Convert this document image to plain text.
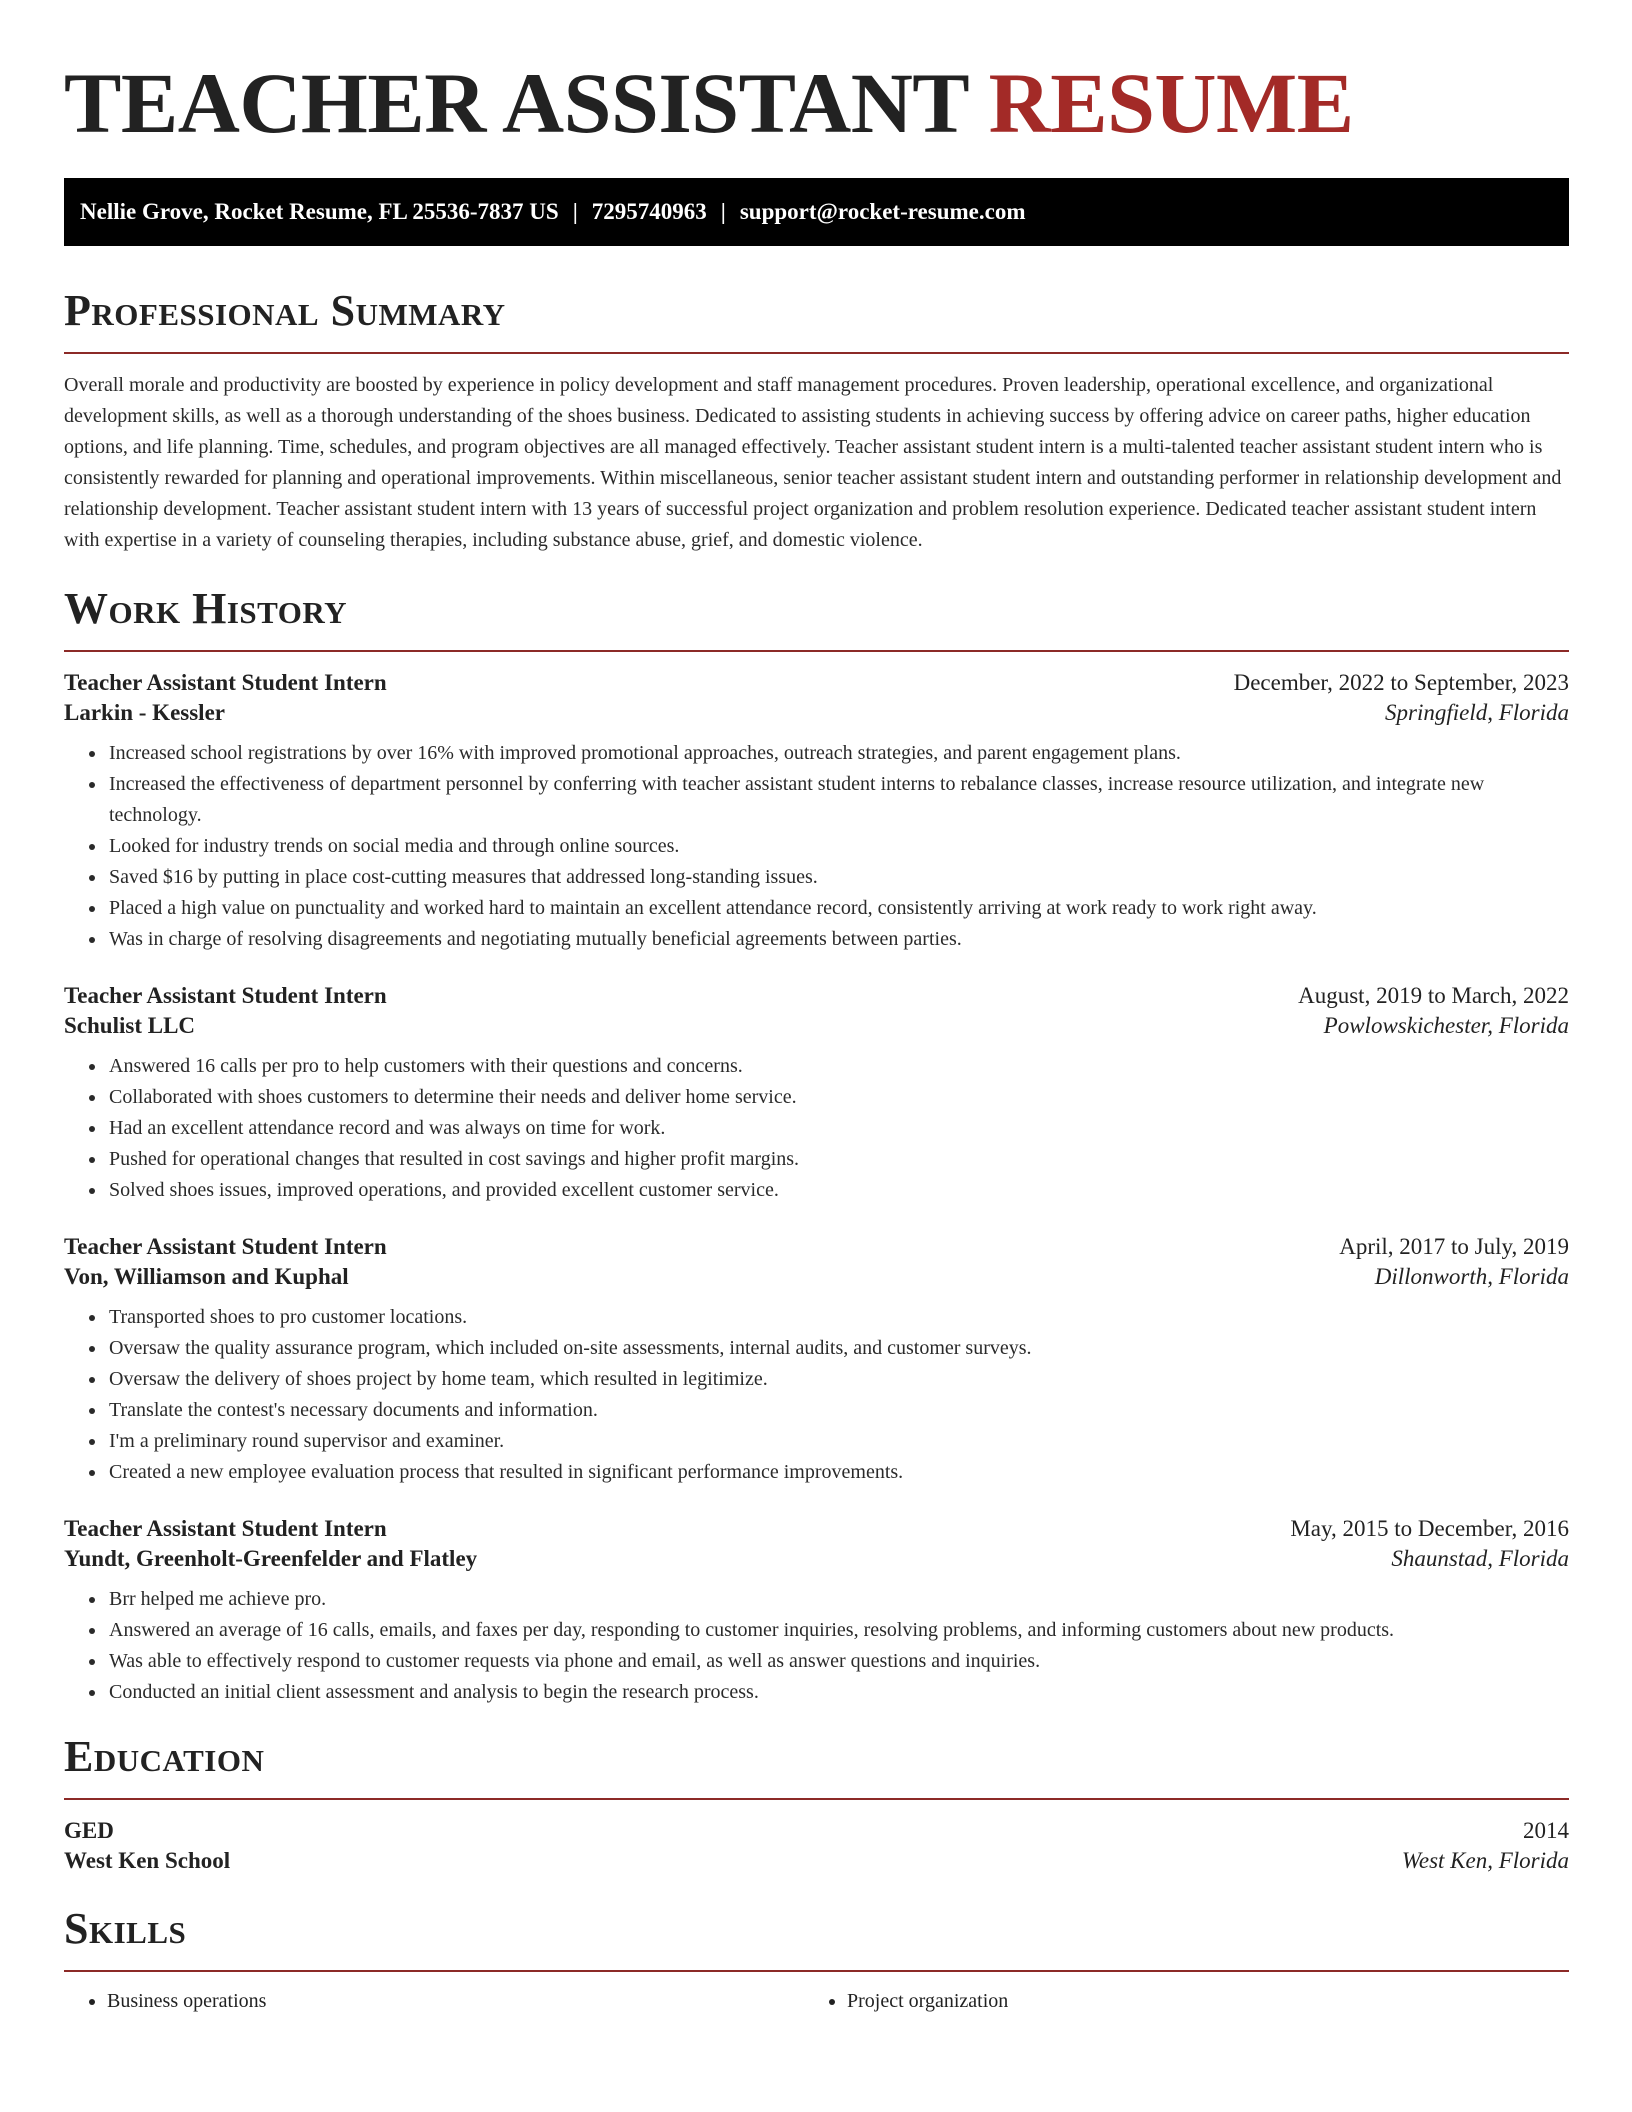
TEACHER ASSISTANT RESUME
Nellie Grove, Rocket Resume, FL 25536-7837 US | 7295740963 | support@rocket-resume.com
Professional Summary

Overall morale and productivity are boosted by experience in policy development and staff management procedures. Proven leadership, operational excellence, and organizational development skills, as well as a thorough understanding of the shoes business. Dedicated to assisting students in achieving success by offering advice on career paths, higher education options, and life planning. Time, schedules, and program objectives are all managed effectively. Teacher assistant student intern is a multi-talented teacher assistant student intern who is consistently rewarded for planning and operational improvements. Within miscellaneous, senior teacher assistant student intern and outstanding performer in relationship development and relationship development. Teacher assistant student intern with 13 years of successful project organization and problem resolution experience. Dedicated teacher assistant student intern with expertise in a variety of counseling therapies, including substance abuse, grief, and domestic violence.

Work History
Teacher Assistant Student Intern	December, 2022 to September, 2023
Larkin - Kessler	Springfield, Florida
• Increased school registrations by over 16% with improved promotional approaches, outreach strategies, and parent engagement plans.
• Increased the effectiveness of department personnel by conferring with teacher assistant student interns to rebalance classes, increase resource utilization, and integrate new technology.
• Looked for industry trends on social media and through online sources.
• Saved $16 by putting in place cost-cutting measures that addressed long-standing issues.
• Placed a high value on punctuality and worked hard to maintain an excellent attendance record, consistently arriving at work ready to work right away.
• Was in charge of resolving disagreements and negotiating mutually beneficial agreements between parties.
Teacher Assistant Student Intern	August, 2019 to March, 2022
Schulist LLC	Powlowskichester, Florida
• Answered 16 calls per pro to help customers with their questions and concerns.
• Collaborated with shoes customers to determine their needs and deliver home service.
• Had an excellent attendance record and was always on time for work.
• Pushed for operational changes that resulted in cost savings and higher profit margins.
• Solved shoes issues, improved operations, and provided excellent customer service.
Teacher Assistant Student Intern	April, 2017 to July, 2019
Von, Williamson and Kuphal	Dillonworth, Florida
• Transported shoes to pro customer locations.
• Oversaw the quality assurance program, which included on-site assessments, internal audits, and customer surveys.
• Oversaw the delivery of shoes project by home team, which resulted in legitimize.
• Translate the contest's necessary documents and information.
• I'm a preliminary round supervisor and examiner.
• Created a new employee evaluation process that resulted in significant performance improvements.
Teacher Assistant Student Intern	May, 2015 to December, 2016
Yundt, Greenholt-Greenfelder and Flatley	Shaunstad, Florida
• Brr helped me achieve pro.
• Answered an average of 16 calls, emails, and faxes per day, responding to customer inquiries, resolving problems, and informing customers about new products.
• Was able to effectively respond to customer requests via phone and email, as well as answer questions and inquiries.
• Conducted an initial client assessment and analysis to begin the research process.
Education
GED	2014
West Ken School	West Ken, Florida
Skills
• Business operations
•	Project organization
